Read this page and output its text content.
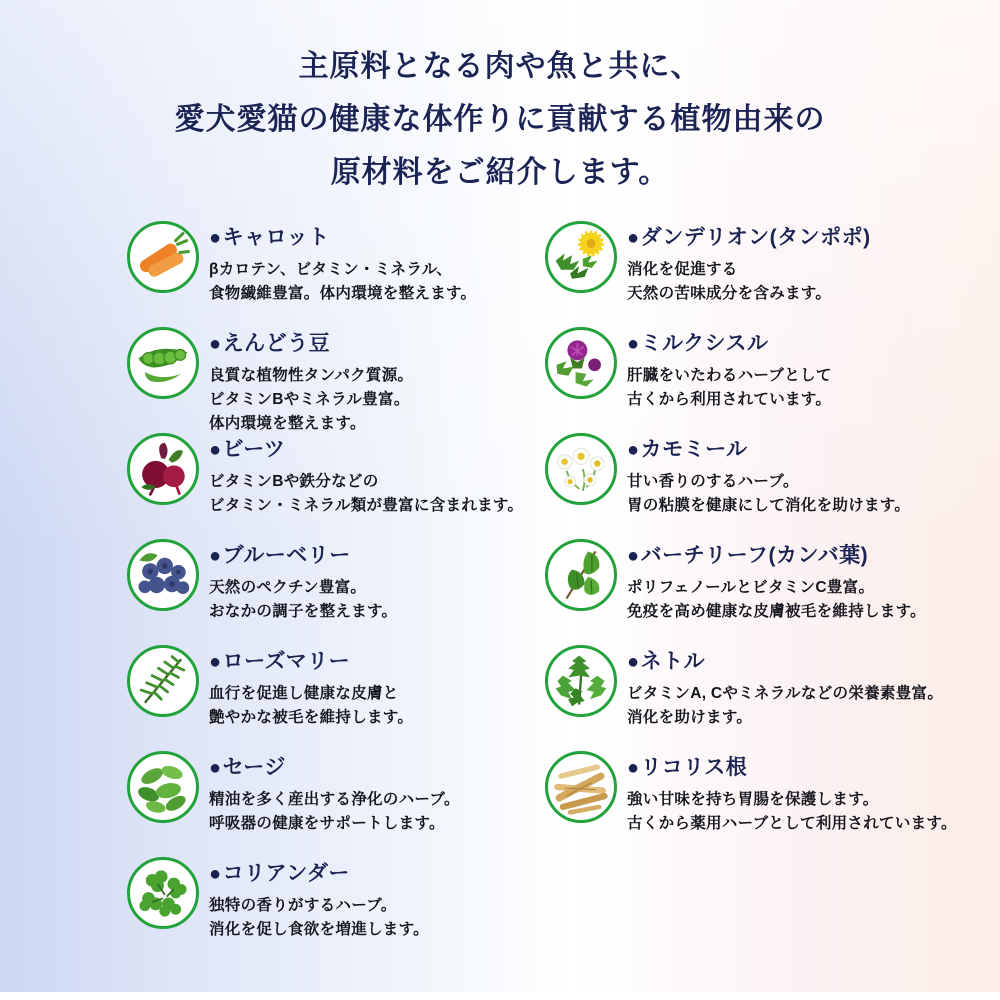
主原料となる肉や魚と共に、
愛犬愛猫の健康な体作りに貢献する植物由来の
原材料をご紹介します。
●キャロット
βカロテン、ビタミン・ミネラル、
食物繊維豊富。体内環境を整えます。
●えんどう豆
良質な植物性タンパク質源。
ビタミンBやミネラル豊富。
体内環境を整えます。
●ビーツ
ビタミンBや鉄分などの
ビタミン・ミネラル類が豊富に含まれます。
●ブルーベリー
天然のペクチン豊富。
おなかの調子を整えます。
●ローズマリー
血行を促進し健康な皮膚と
艶やかな被毛を維持します。
●セージ
精油を多く産出する浄化のハーブ。
呼吸器の健康をサポートします。
●コリアンダー
独特の香りがするハーブ。
消化を促し食欲を増進します。
●ダンデリオン(タンポポ)
消化を促進する
天然の苦味成分を含みます。
●ミルクシスル
肝臓をいたわるハーブとして
古くから利用されています。
●カモミール
甘い香りのするハーブ。
胃の粘膜を健康にして消化を助けます。
●バーチリーフ(カンバ葉)
ポリフェノールとビタミンC豊富。
免疫を高め健康な皮膚被毛を維持します。
●ネトル
ビタミンA, Cやミネラルなどの栄養素豊富。
消化を助けます。
●リコリス根
強い甘味を持ち胃腸を保護します。
古くから薬用ハーブとして利用されています。
